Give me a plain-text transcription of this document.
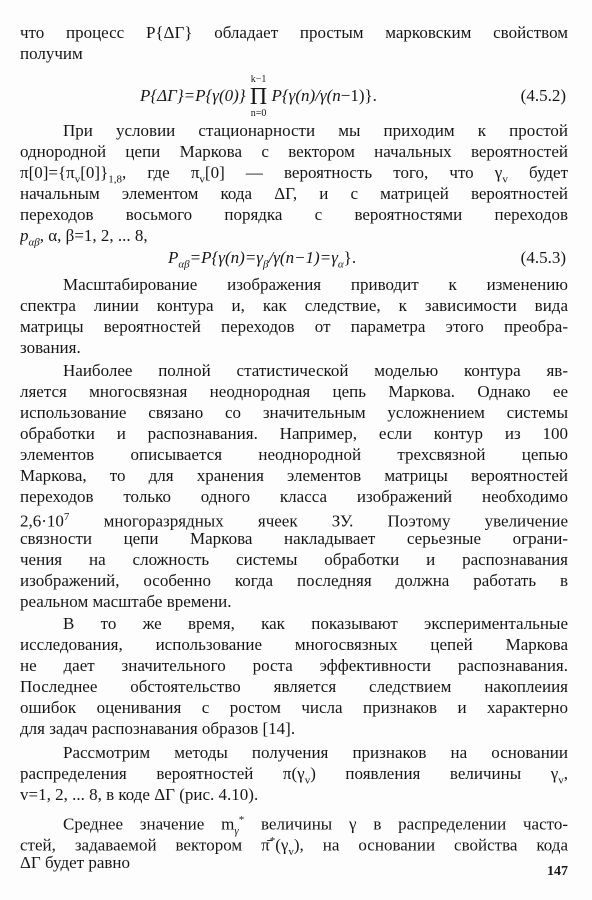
что процесс P{ΔΓ} обладает простым марковским свойством
получим
P{ΔΓ}=P{γ(0)}
k−1
Π
n=0
P{γ(n)/γ(n−1)}.	(4.5.2)
При условии стационарности мы приходим к простой
однородной цепи Маркова с вектором начальных вероятностей
$\pi[0]=\{\pi_v[0]\}_{1,8}$, где $\pi_v[0]$ — вероятность того, что $\gamma_v$ будет
начальным элементом кода ΔΓ, и с матрицей вероятностей
переходов восьмого порядка с вероятностями переходов
$p_{\alpha\beta}$, α, β=1, 2, ... 8,
$P_{\alpha\beta}=P\{\gamma(n)=\gamma_\beta/\gamma(n-1)=\gamma_\alpha\}$.	(4.5.3)
Масштабирование изображения приводит к изменению
спектра линии контура и, как следствие, к зависимости вида
матрицы вероятностей переходов от параметра этого преобра-
зования.
Наиболее полной статистической моделью контура яв-
ляется многосвязная неоднородная цепь Маркова. Однако ее
использование связано со значительным усложнением системы
обработки и распознавания. Например, если контур из 100
элементов описывается неоднородной трехсвязной цепью
Маркова, то для хранения элементов матрицы вероятностей
переходов только одного класса изображений необходимо
$2,6\cdot 10^7$ многоразрядных ячеек ЗУ. Поэтому увеличение
связности цепи Маркова накладывает серьезные ограни-
чения на сложность системы обработки и распознавания
изображений, особенно когда последняя должна работать в
реальном масштабе времени.
В то же время, как показывают экспериментальные
исследования, использование многосвязных цепей Маркова
не дает значительного роста эффективности распознавания.
Последнее обстоятельство является следствием накоплеиия
ошибок оценивания с ростом числа признаков и характерно
для задач распознавания образов [14].
Рассмотрим методы получения признаков на основании
распределения вероятностей $\pi(\gamma_v)$ появления величины $\gamma_v$,
v=1, 2, ... 8, в коде ΔΓ (рис. 4.10).
Среднее значение $m_\gamma^*$ величины γ в распределении часто-
стей, задаваемой вектором $\pī^*(\gamma_v)$, на основании свойства кода
ΔΓ будет равно	147
